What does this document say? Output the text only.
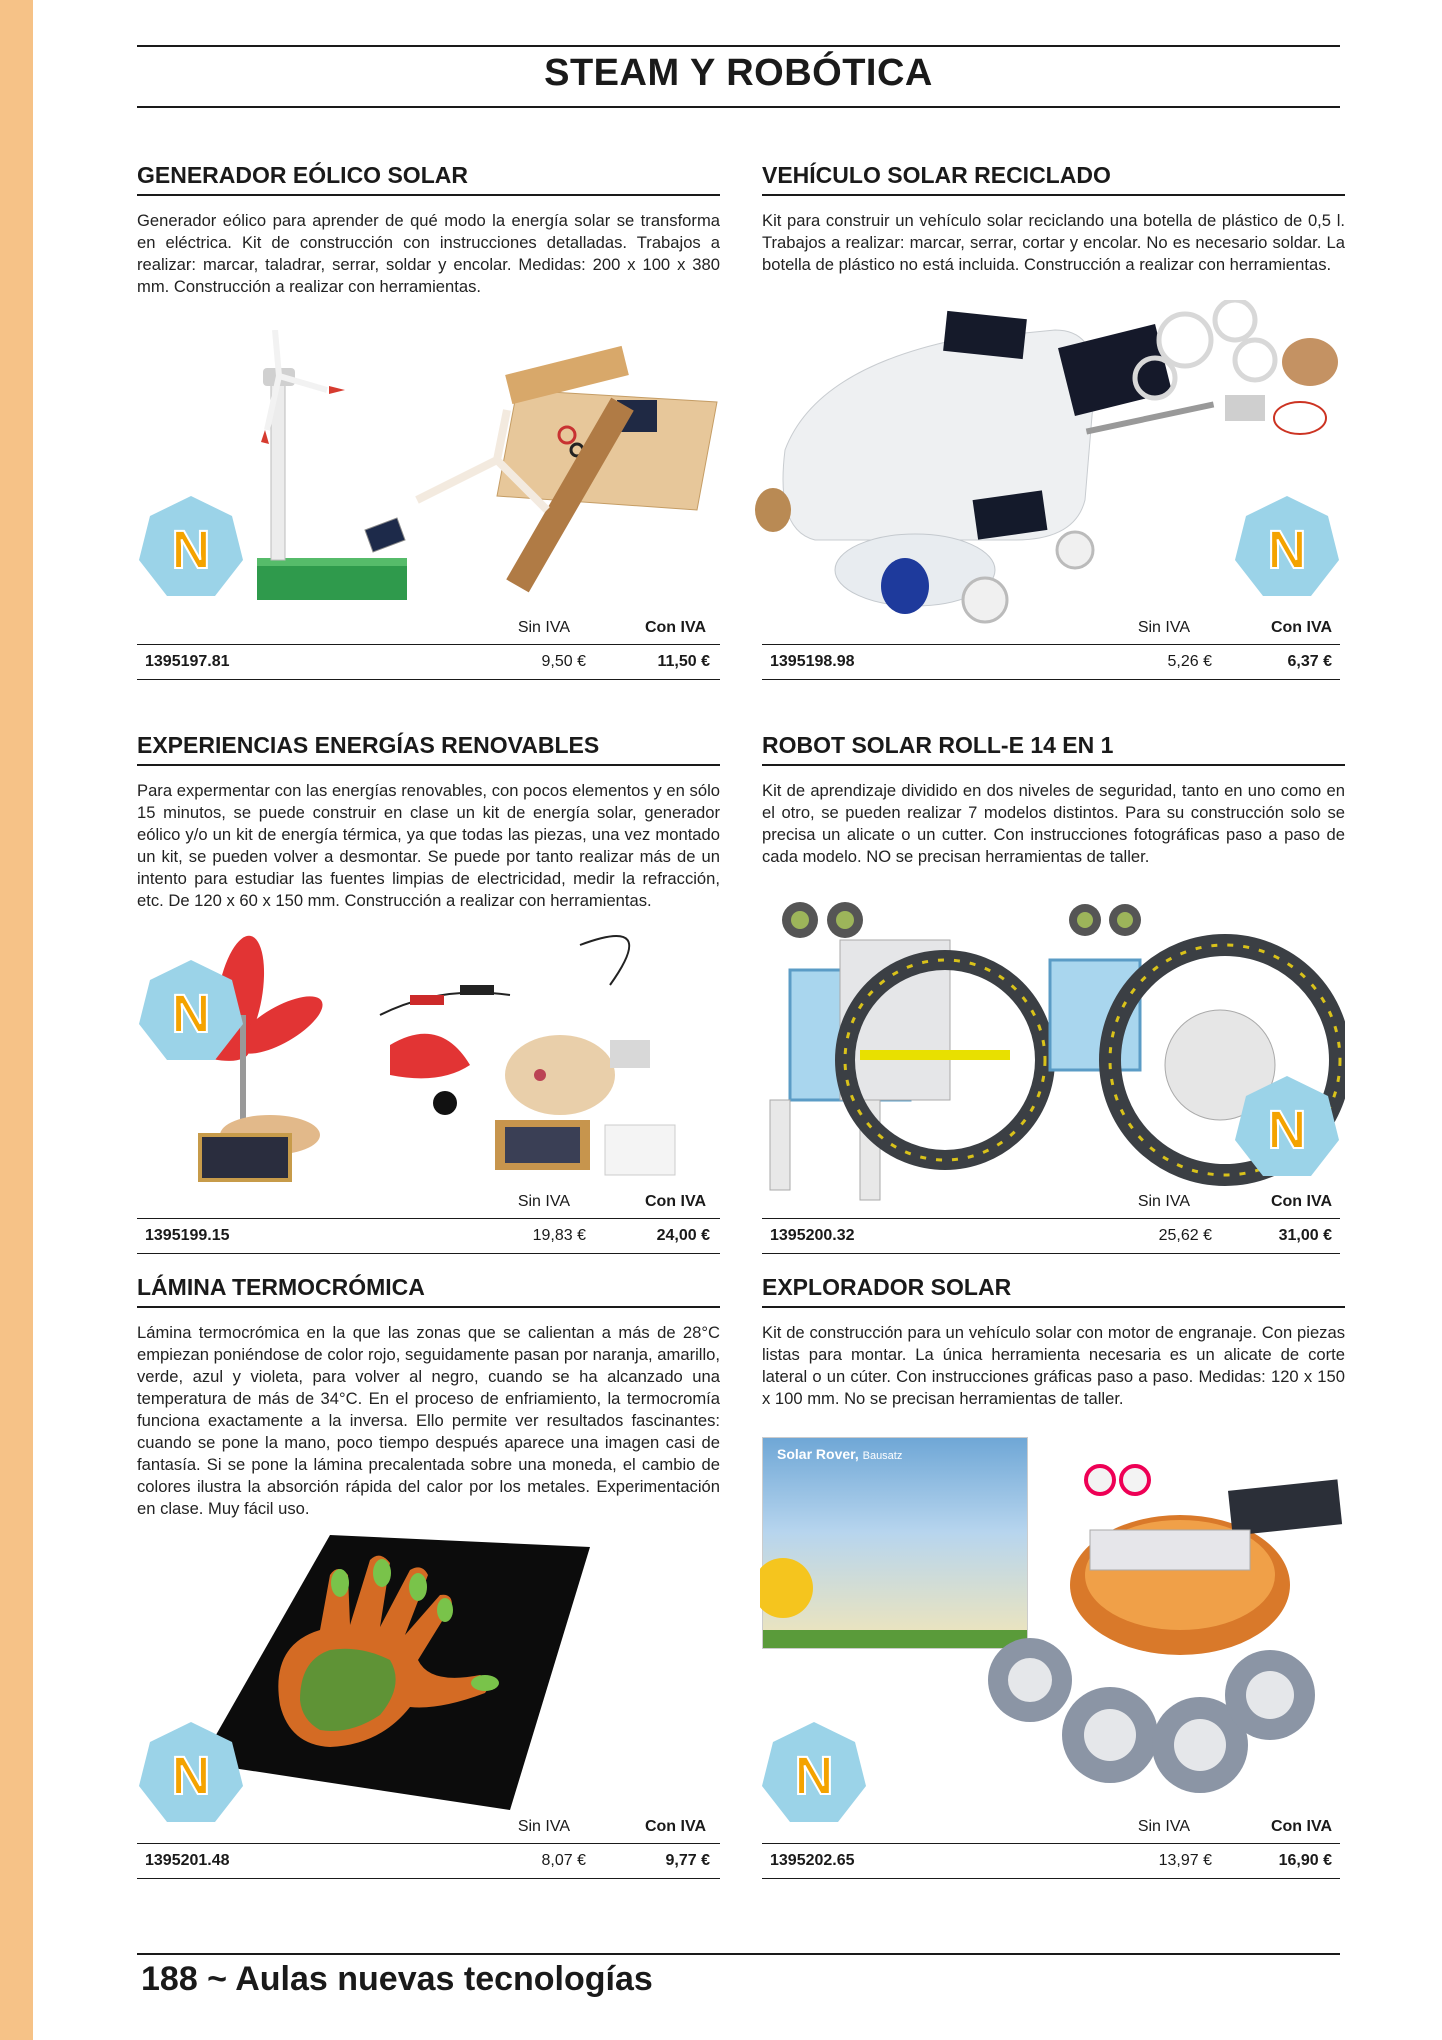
STEAM Y ROBÓTICA
GENERADOR EÓLICO SOLAR
Generador eólico para aprender de qué modo la energía solar se transforma en eléctrica. Kit de construcción con instrucciones detalladas. Trabajos a realizar: marcar, taladrar, serrar, soldar y encolar. Medidas: 200 x 100 x 380 mm. Construcción a realizar con herramientas.
N
Sin IVA	Con IVA
1395197.81	9,50 €	11,50 €
VEHÍCULO SOLAR RECICLADO
Kit para construir un vehículo solar reciclando una botella de plástico de 0,5 l. Trabajos a realizar: marcar, serrar, cortar y encolar. No es necesario soldar. La botella de plástico no está incluida. Construcción a realizar con herramientas.
N
Sin IVA	Con IVA
1395198.98	5,26 €	6,37 €
EXPERIENCIAS ENERGÍAS RENOVABLES
Para expermentar con las energías renovables, con pocos elementos y en sólo 15 minutos, se puede construir en clase un kit de energía solar, generador eólico y/o un kit de energía térmica, ya que todas las piezas, una vez montado un kit, se pueden volver a desmontar. Se puede por tanto realizar más de un intento para estudiar las fuentes limpias de electricidad, medir la refracción, etc. De 120 x 60 x 150 mm. Construcción a realizar con herramientas.
N
Sin IVA	Con IVA
1395199.15	19,83 €	24,00 €
ROBOT SOLAR ROLL-E 14 EN 1
Kit de aprendizaje dividido en dos niveles de seguridad, tanto en uno como en el otro, se pueden realizar 7 modelos distintos. Para su construcción solo se precisa un alicate o un cutter. Con instrucciones fotográficas paso a paso de cada modelo. NO se precisan herramientas de taller.
N
Sin IVA	Con IVA
1395200.32	25,62 €	31,00 €
LÁMINA TERMOCRÓMICA
Lámina termocrómica en la que las zonas que se calientan a más de 28°C empiezan poniéndose de color rojo, seguidamente pasan por naranja, amarillo, verde, azul y violeta, para volver al negro, cuando se ha alcanzado una temperatura de más de 34°C. En el proceso de enfriamiento, la termocromía funciona exactamente a la inversa. Ello permite ver resultados fascinantes: cuando se pone la mano, poco tiempo después aparece una imagen casi de fantasía. Si se pone la lámina precalentada sobre una moneda, el cambio de colores ilustra la absorción rápida del calor por los metales. Experimentación en clase. Muy fácil uso.
N
Sin IVA	Con IVA
1395201.48	8,07 €	9,77 €
EXPLORADOR SOLAR
Kit de construcción para un vehículo solar con motor de engranaje. Con piezas listas para montar. La única herramienta necesaria es un alicate de corte lateral o un cúter. Con instrucciones gráficas paso a paso. Medidas: 120 x 150 x 100 mm. No se precisan herramientas de taller.
Solar Rover, Bausatz
N
Sin IVA	Con IVA
1395202.65	13,97 €	16,90 €
188 ~ Aulas nuevas tecnologías
